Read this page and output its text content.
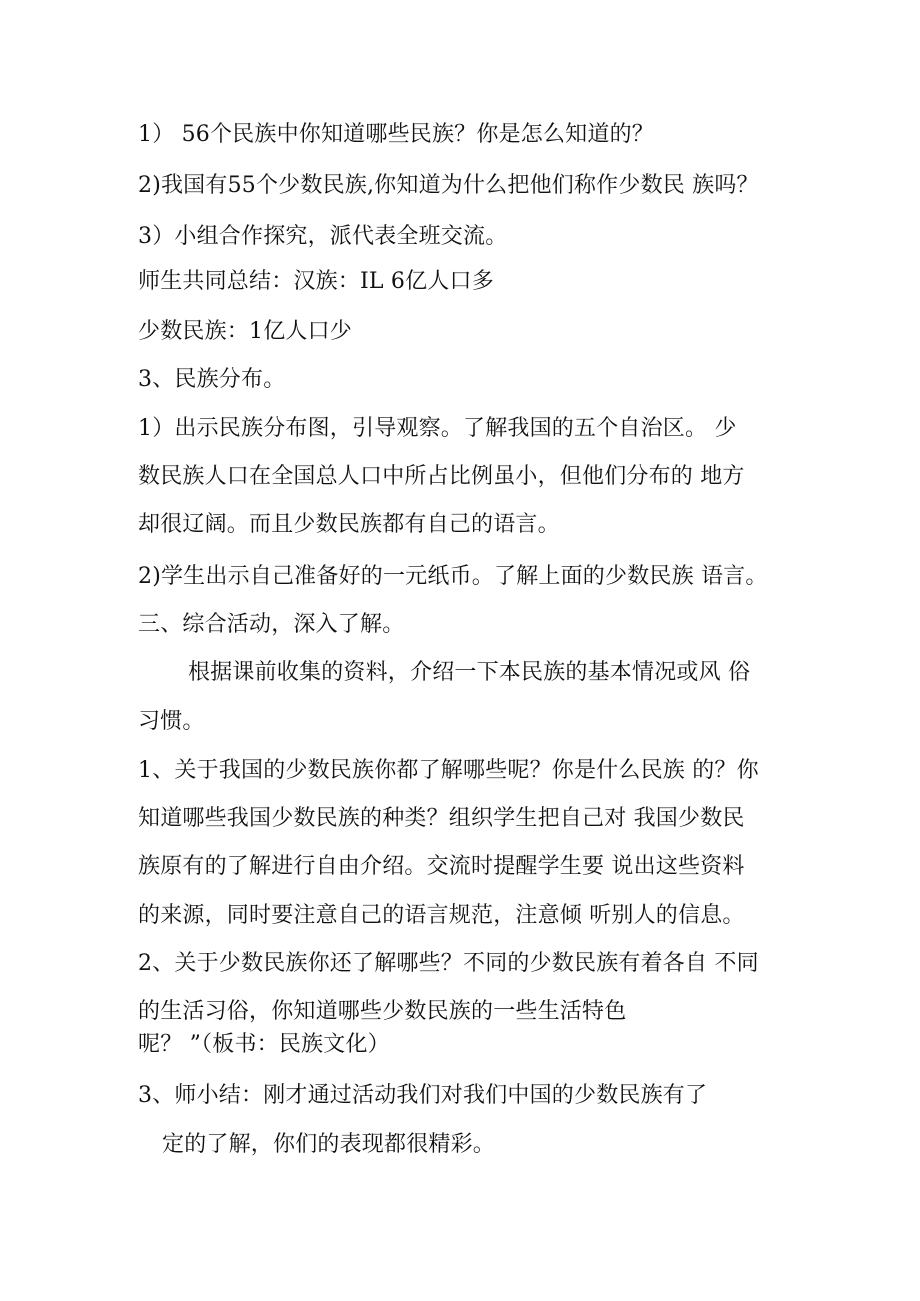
1） 56个民族中你知道哪些民族？你是怎么知道的？
2)我国有55个少数民族,你知道为什么把他们称作少数民 族吗？
3）小组合作探究，派代表全班交流。
师生共同总结：汉族：IL 6亿人口多
少数民族：1亿人口少
3、民族分布。
1）出示民族分布图，引导观察。了解我国的五个自治区。 少
数民族人口在全国总人口中所占比例虽小，但他们分布的 地方
却很辽阔。而且少数民族都有自己的语言。
2)学生出示自己准备好的一元纸币。了解上面的少数民族 语言。
三、综合活动，深入了解。
根据课前收集的资料，介绍一下本民族的基本情况或风 俗
习惯。
1、关于我国的少数民族你都了解哪些呢？你是什么民族 的？你
知道哪些我国少数民族的种类？组织学生把自己对 我国少数民
族原有的了解进行自由介绍。交流时提醒学生要 说出这些资料
的来源，同时要注意自己的语言规范，注意倾 听别人的信息。
2、关于少数民族你还了解哪些？不同的少数民族有着各自 不同
的生活习俗，你知道哪些少数民族的一些生活特色
呢？ ”（板书：民族文化）
3、师小结：刚才通过活动我们对我们中国的少数民族有了
定的了解，你们的表现都很精彩。
